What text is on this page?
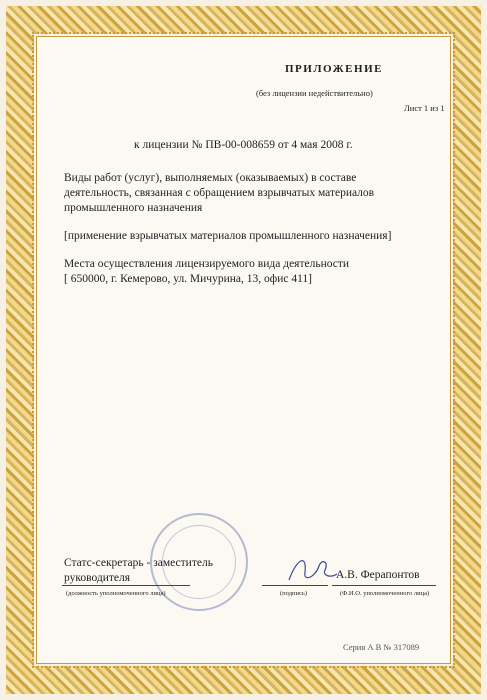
ПРИЛОЖЕНИЕ
(без лицензии недействительно)
Лист 1 из 1
к лицензии № ПВ-00-008659 от 4 мая 2008 г.
Виды работ (услуг), выполняемых (оказываемых) в составе
деятельность, связанная с обращением взрывчатых материалов
промышленного назначения
[применение взрывчатых материалов промышленного назначения]
Места осуществления лицензируемого вида деятельности
[ 650000, г. Кемерово, ул. Мичурина, 13, офис 411]
Статс-секретарь - заместитель
руководителя
(должность уполномоченного лица)	(подпись)
А.В. Ферапонтов
(Ф.И.О. уполномоченного лица)
Серия А В № 317089
